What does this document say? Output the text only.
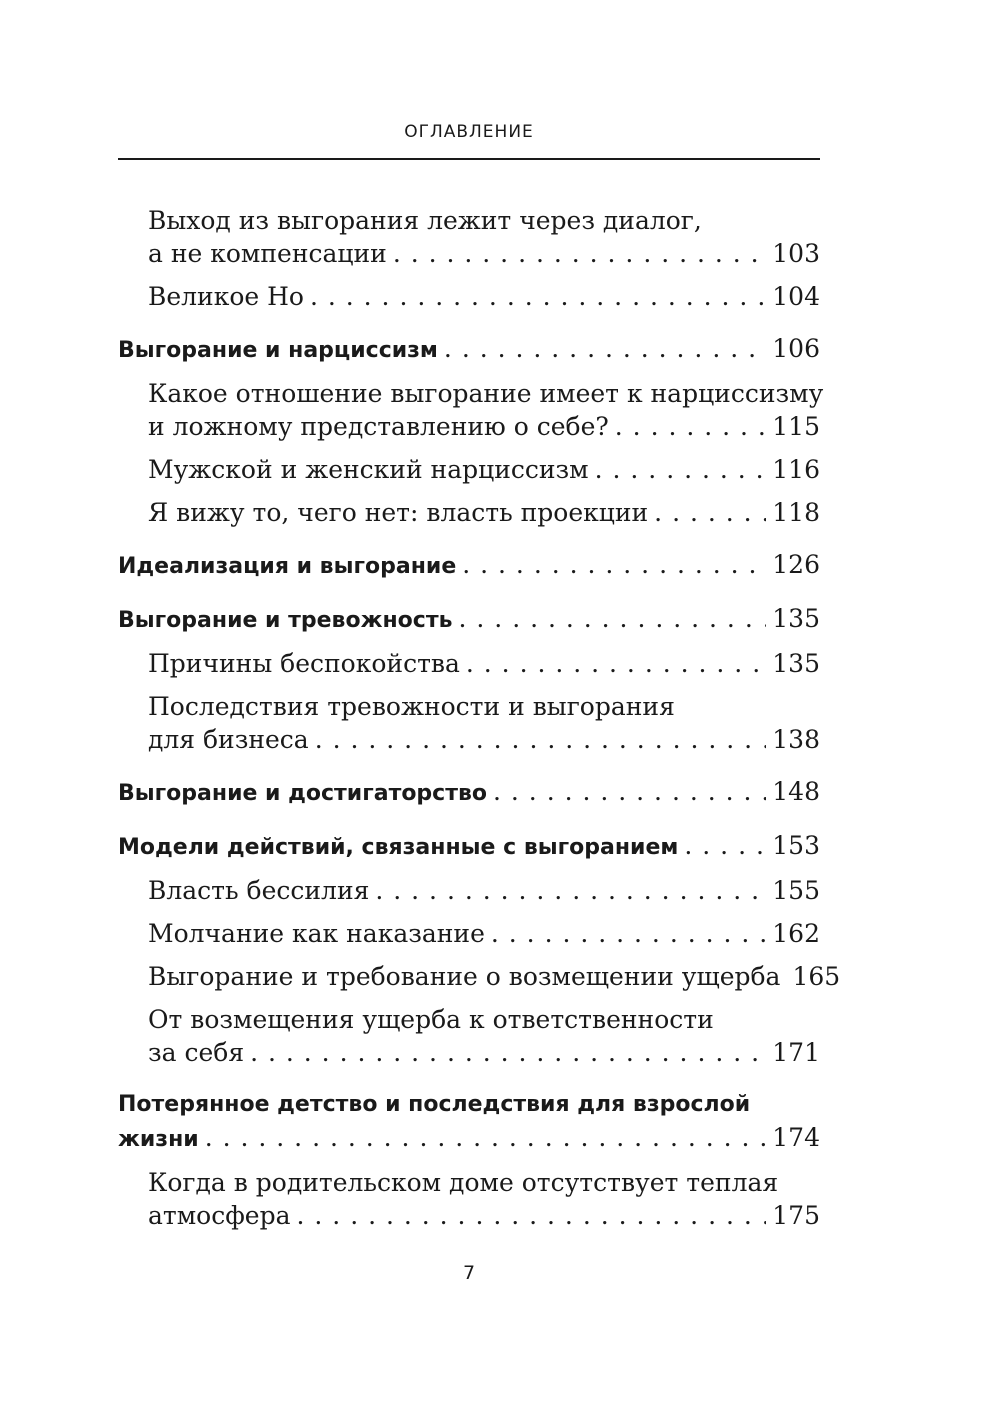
ОГЛАВЛЕНИЕ
Выход из выгорания лежит через диалог,
а не компенсации . . .	103
Великое Но . . .	104
Выгорание и нарциссизм . . .	106
Какое отношение выгорание имеет к нарциссизму
и ложному представлению о себе? . . .	115
Мужской и женский нарциссизм . . .	116
Я вижу то, чего нет: власть проекции . . .	118
Идеализация и выгорание . . .	126
Выгорание и тревожность . . .	135
Причины беспокойства . . .	135
Последствия тревожности и выгорания
для бизнеса . . .	138
Выгорание и достигаторство . . .	148
Модели действий, связанные с выгоранием . . .	153
Власть бессилия . . .	155
Молчание как наказание . . .	162
Выгорание и требование о возмещении ущерба 165
От возмещения ущерба к ответственности
за себя . . .	171
Потерянное детство и последствия для взрослой
жизни . . .	174
Когда в родительском доме отсутствует теплая
атмосфера . . .	175
7
